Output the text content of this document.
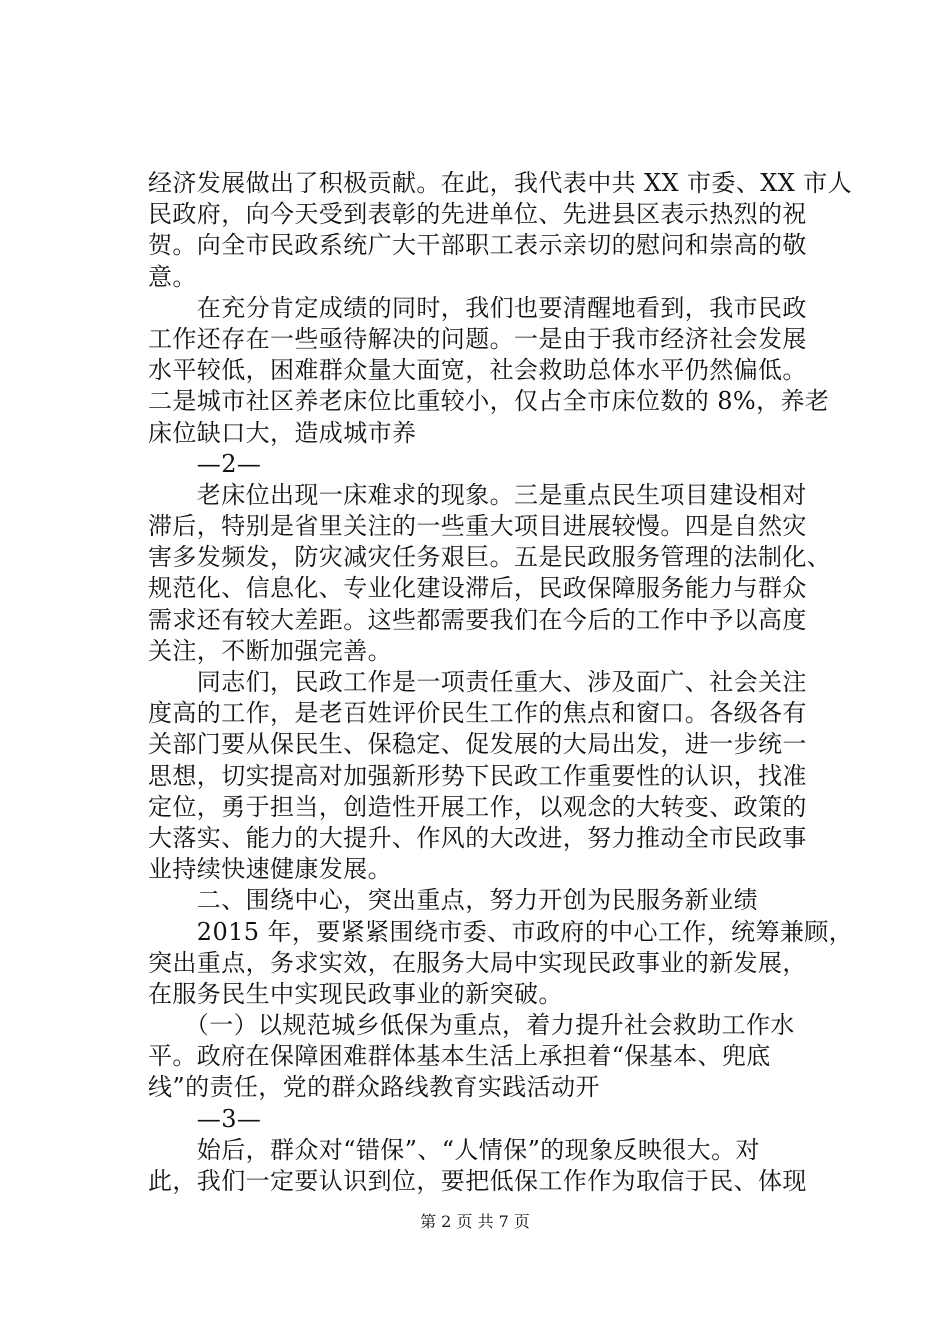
经济发展做出了积极贡献。在此，我代表中共 XX 市委、XX 市人
民政府，向今天受到表彰的先进单位、先进县区表示热烈的祝
贺。向全市民政系统广大干部职工表示亲切的慰问和崇高的敬
意。
　　在充分肯定成绩的同时，我们也要清醒地看到，我市民政
工作还存在一些亟待解决的问题。一是由于我市经济社会发展
水平较低，困难群众量大面宽，社会救助总体水平仍然偏低。
二是城市社区养老床位比重较小，仅占全市床位数的 8%，养老
床位缺口大，造成城市养
　　—2—
　　老床位出现一床难求的现象。三是重点民生项目建设相对
滞后，特别是省里关注的一些重大项目进展较慢。四是自然灾
害多发频发，防灾减灾任务艰巨。五是民政服务管理的法制化、
规范化、信息化、专业化建设滞后，民政保障服务能力与群众
需求还有较大差距。这些都需要我们在今后的工作中予以高度
关注，不断加强完善。
　　同志们，民政工作是一项责任重大、涉及面广、社会关注
度高的工作，是老百姓评价民生工作的焦点和窗口。各级各有
关部门要从保民生、保稳定、促发展的大局出发，进一步统一
思想，切实提高对加强新形势下民政工作重要性的认识，找准
定位，勇于担当，创造性开展工作，以观念的大转变、政策的
大落实、能力的大提升、作风的大改进，努力推动全市民政事
业持续快速健康发展。
　　二、围绕中心，突出重点，努力开创为民服务新业绩
　　2015 年，要紧紧围绕市委、市政府的中心工作，统筹兼顾，
突出重点，务求实效，在服务大局中实现民政事业的新发展，
在服务民生中实现民政事业的新突破。
　　（一）以规范城乡低保为重点，着力提升社会救助工作水
平。政府在保障困难群体基本生活上承担着“保基本、兜底
线”的责任，党的群众路线教育实践活动开
　　—3—
　　始后，群众对“错保”、“人情保”的现象反映很大。对
此，我们一定要认识到位，要把低保工作作为取信于民、体现
第 2 页 共 7 页
